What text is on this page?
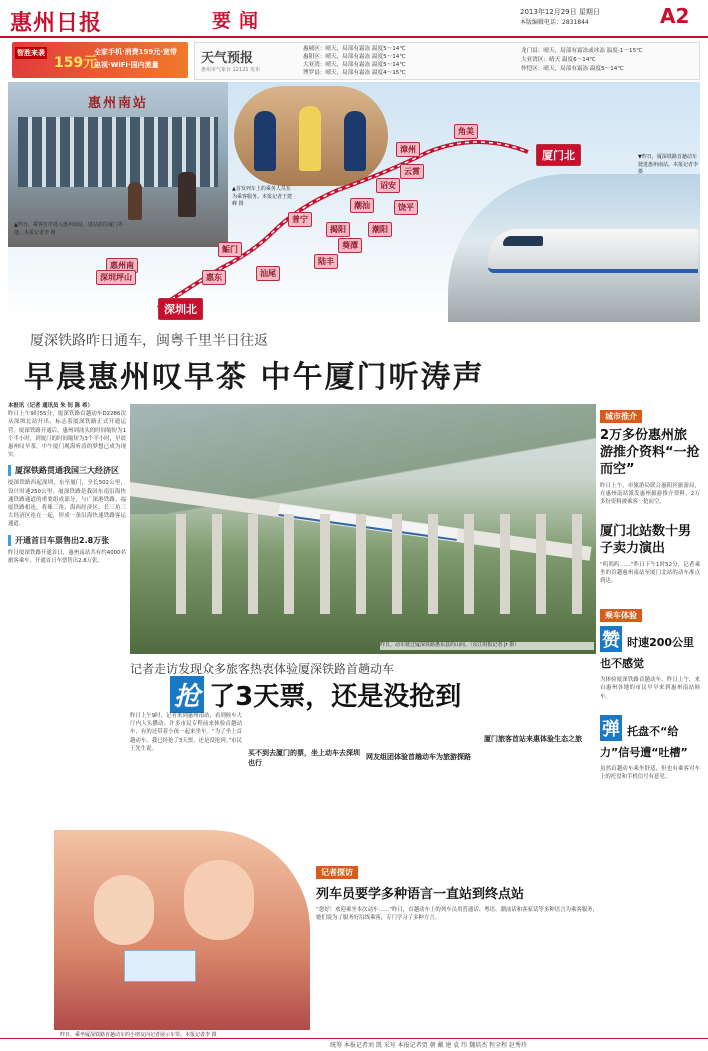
惠州日报	要闻	2013年12月29日 星期日
本版编辑电话：2831844	A2
智胜来袭
159元
全家手机·消费159元·宽带
电视·WiFi·国内流量	天气预报
惠州市气象台 12121 发布
惠城区：晴天，局部有霜冻 温度5～14℃
惠阳区：晴天，局部有霜冻 温度5～14℃
大亚湾：晴天，局部有霜冻 温度5～14℃
博罗县：晴天，局部有霜冻 温度4～15℃
龙门县：晴天，局部有霜冻或冰冻 温度-1～15℃
大亚湾区：晴天 温度6～14℃
仲恺区：晴天，局部有霜冻 温度5～14℃
惠州南站
▲昨日，乘客有序进入惠州南站，进站前往厦门等地。本报记者李 摄
▲首发列车上的乘务人员在为乘客服务。本报记者王建峰 摄
角美
漳州
云霄
诏安
潮汕	饶平
潮阳
普宁
揭阳
葵潭
陆丰
汕尾
鲘门
惠东
惠州南
深圳坪山
深圳北
厦门北	▼昨日，厦深铁路首趟动车驶进惠州南站。本报记者李 摄
厦深铁路昨日通车，闽粤千里半日往返
早晨惠州叹早茶 中午厦门听涛声
本报讯（记者 通讯员 朱 钊 陈 希）
昨日上午9时55分，厦深铁路首趟动车D2286次从深圳北站开出，标志着厦深铁路正式开通运营。厦深铁路开通后，惠州到汕头的时间缩短为1个半小时，到厦门的时间缩短为3个半小时，早晨惠州叹早茶，中午厦门观海听涛的梦想已成为现实。
厦深铁路贯通我国三大经济区
厦深铁路西起深圳，东至厦门，全长502公里，设计时速250公里。厦深铁路是我国东南沿海快速铁路通道的重要组成部分，与广深港铁路、福厦铁路相连，将珠三角、海西经济区、长三角三大经济区连在一起，形成一条沿海快速铁路客运通道。
开通首日车票售出2.8万张
昨日厦深铁路开通首日，惠州南站共有约4000名旅客乘车，开通首日车票售出2.8万张。
昨日，动车驶过厦深铁路惠东县的山间。（东江时报记者 Jr 摄）
记者走访发现众多旅客热衷体验厦深铁路首趟动车
抢 了3天票，还是没抢到
昨日上午9时，记者来到惠州南站，看到候车大厅内人头攒动。许多市民专程前来体验首趟动车，有的还带着小孩一起来坐车。“为了坐上首趟动车，我已经抢了3天票，还是没抢到。”市民王先生说。
买不到去厦门的票，坐上动车去深圳也行
网友组团体验首趟动车为旅游探路
厦门旅客首站来惠体验生态之旅
昨日，乘坐厦深铁路首趟动车的小朋友向记者展示车票。本报记者李 摄
记者探访
列车员要学多种语言一直站到终点站
“您好！欢迎乘坐本次动车……”昨日，首趟动车上的列车员用普通话、粤语、潮汕话和客家话等多种语言为乘客服务，她们说为了服务好沿线乘客，专门学习了多种方言。
城市推介
2万多份惠州旅游推介资料“一抢而空”
昨日上午，市旅游局联合惠阳区旅游局，在惠州南站派发惠州旅游推介资料，2万多份资料被乘客一抢而空。
厦门北站数十男子卖力演出
“呜呜呜……”昨日下午1时52分，记者乘坐的首趟惠州南站至厦门北站的动车准点到达。
乘车体验
赞 时速200公里也不感觉
为体验厦深铁路首趟动车，昨日上午，来自惠州各地的市民早早来到惠州南站候车。
弹 托盘不“给力”信号遭“吐槽”
虽然首趟动车乘坐舒适，但也有乘客对车上的托盘和手机信号有意见。
统筹 本报记者刘 凯 采写 本报记者贾 朝 戴 建 袁 纬 魏培杰 程全程 赵秀玲
